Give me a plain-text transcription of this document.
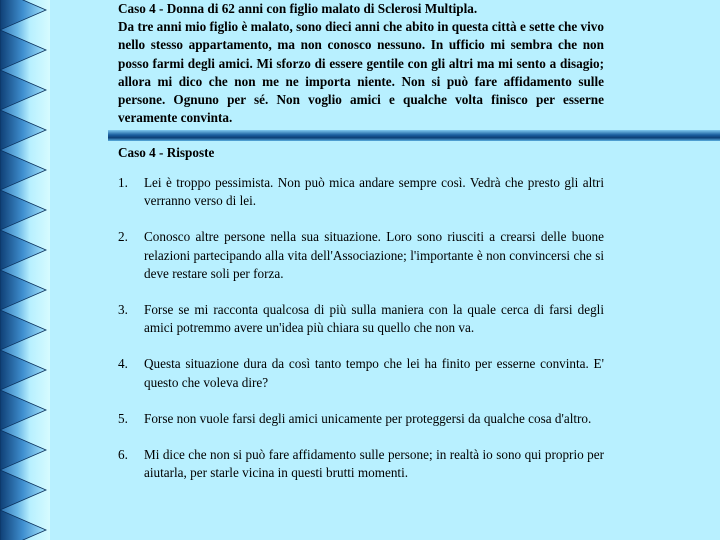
Caso 4 - Donna di 62 anni con figlio malato di Sclerosi Multipla.

Da tre anni mio figlio è malato, sono dieci anni che abito in questa città e sette che vivo nello stesso appartamento, ma non conosco nessuno. In ufficio mi sembra che non posso farmi degli amici. Mi sforzo di essere gentile con gli altri ma mi sento a disagio; allora mi dico che non me ne importa niente. Non si può fare affidamento sulle persone. Ognuno per sé. Non voglio amici e qualche volta finisco per esserne veramente convinta.

Caso 4 - Risposte
1.	Lei è troppo pessimista. Non può mica andare sempre così. Vedrà che presto gli altri verranno verso di lei.
2.	Conosco altre persone nella sua situazione. Loro sono riusciti a crearsi delle buone relazioni partecipando alla vita dell'Associazione; l'importante è non convincersi che si deve restare soli per forza.
3.	Forse se mi racconta qualcosa di più sulla maniera con la quale cerca di farsi degli amici potremmo avere un'idea più chiara su quello che non va.
4.	Questa situazione dura da così tanto tempo che lei ha finito per esserne convinta. E' questo che voleva dire?
5.	Forse non vuole farsi degli amici unicamente per proteggersi da qualche cosa d'altro.
6.	Mi dice che non si può fare affidamento sulle persone; in realtà io sono qui proprio per aiutarla, per starle vicina in questi brutti momenti.
